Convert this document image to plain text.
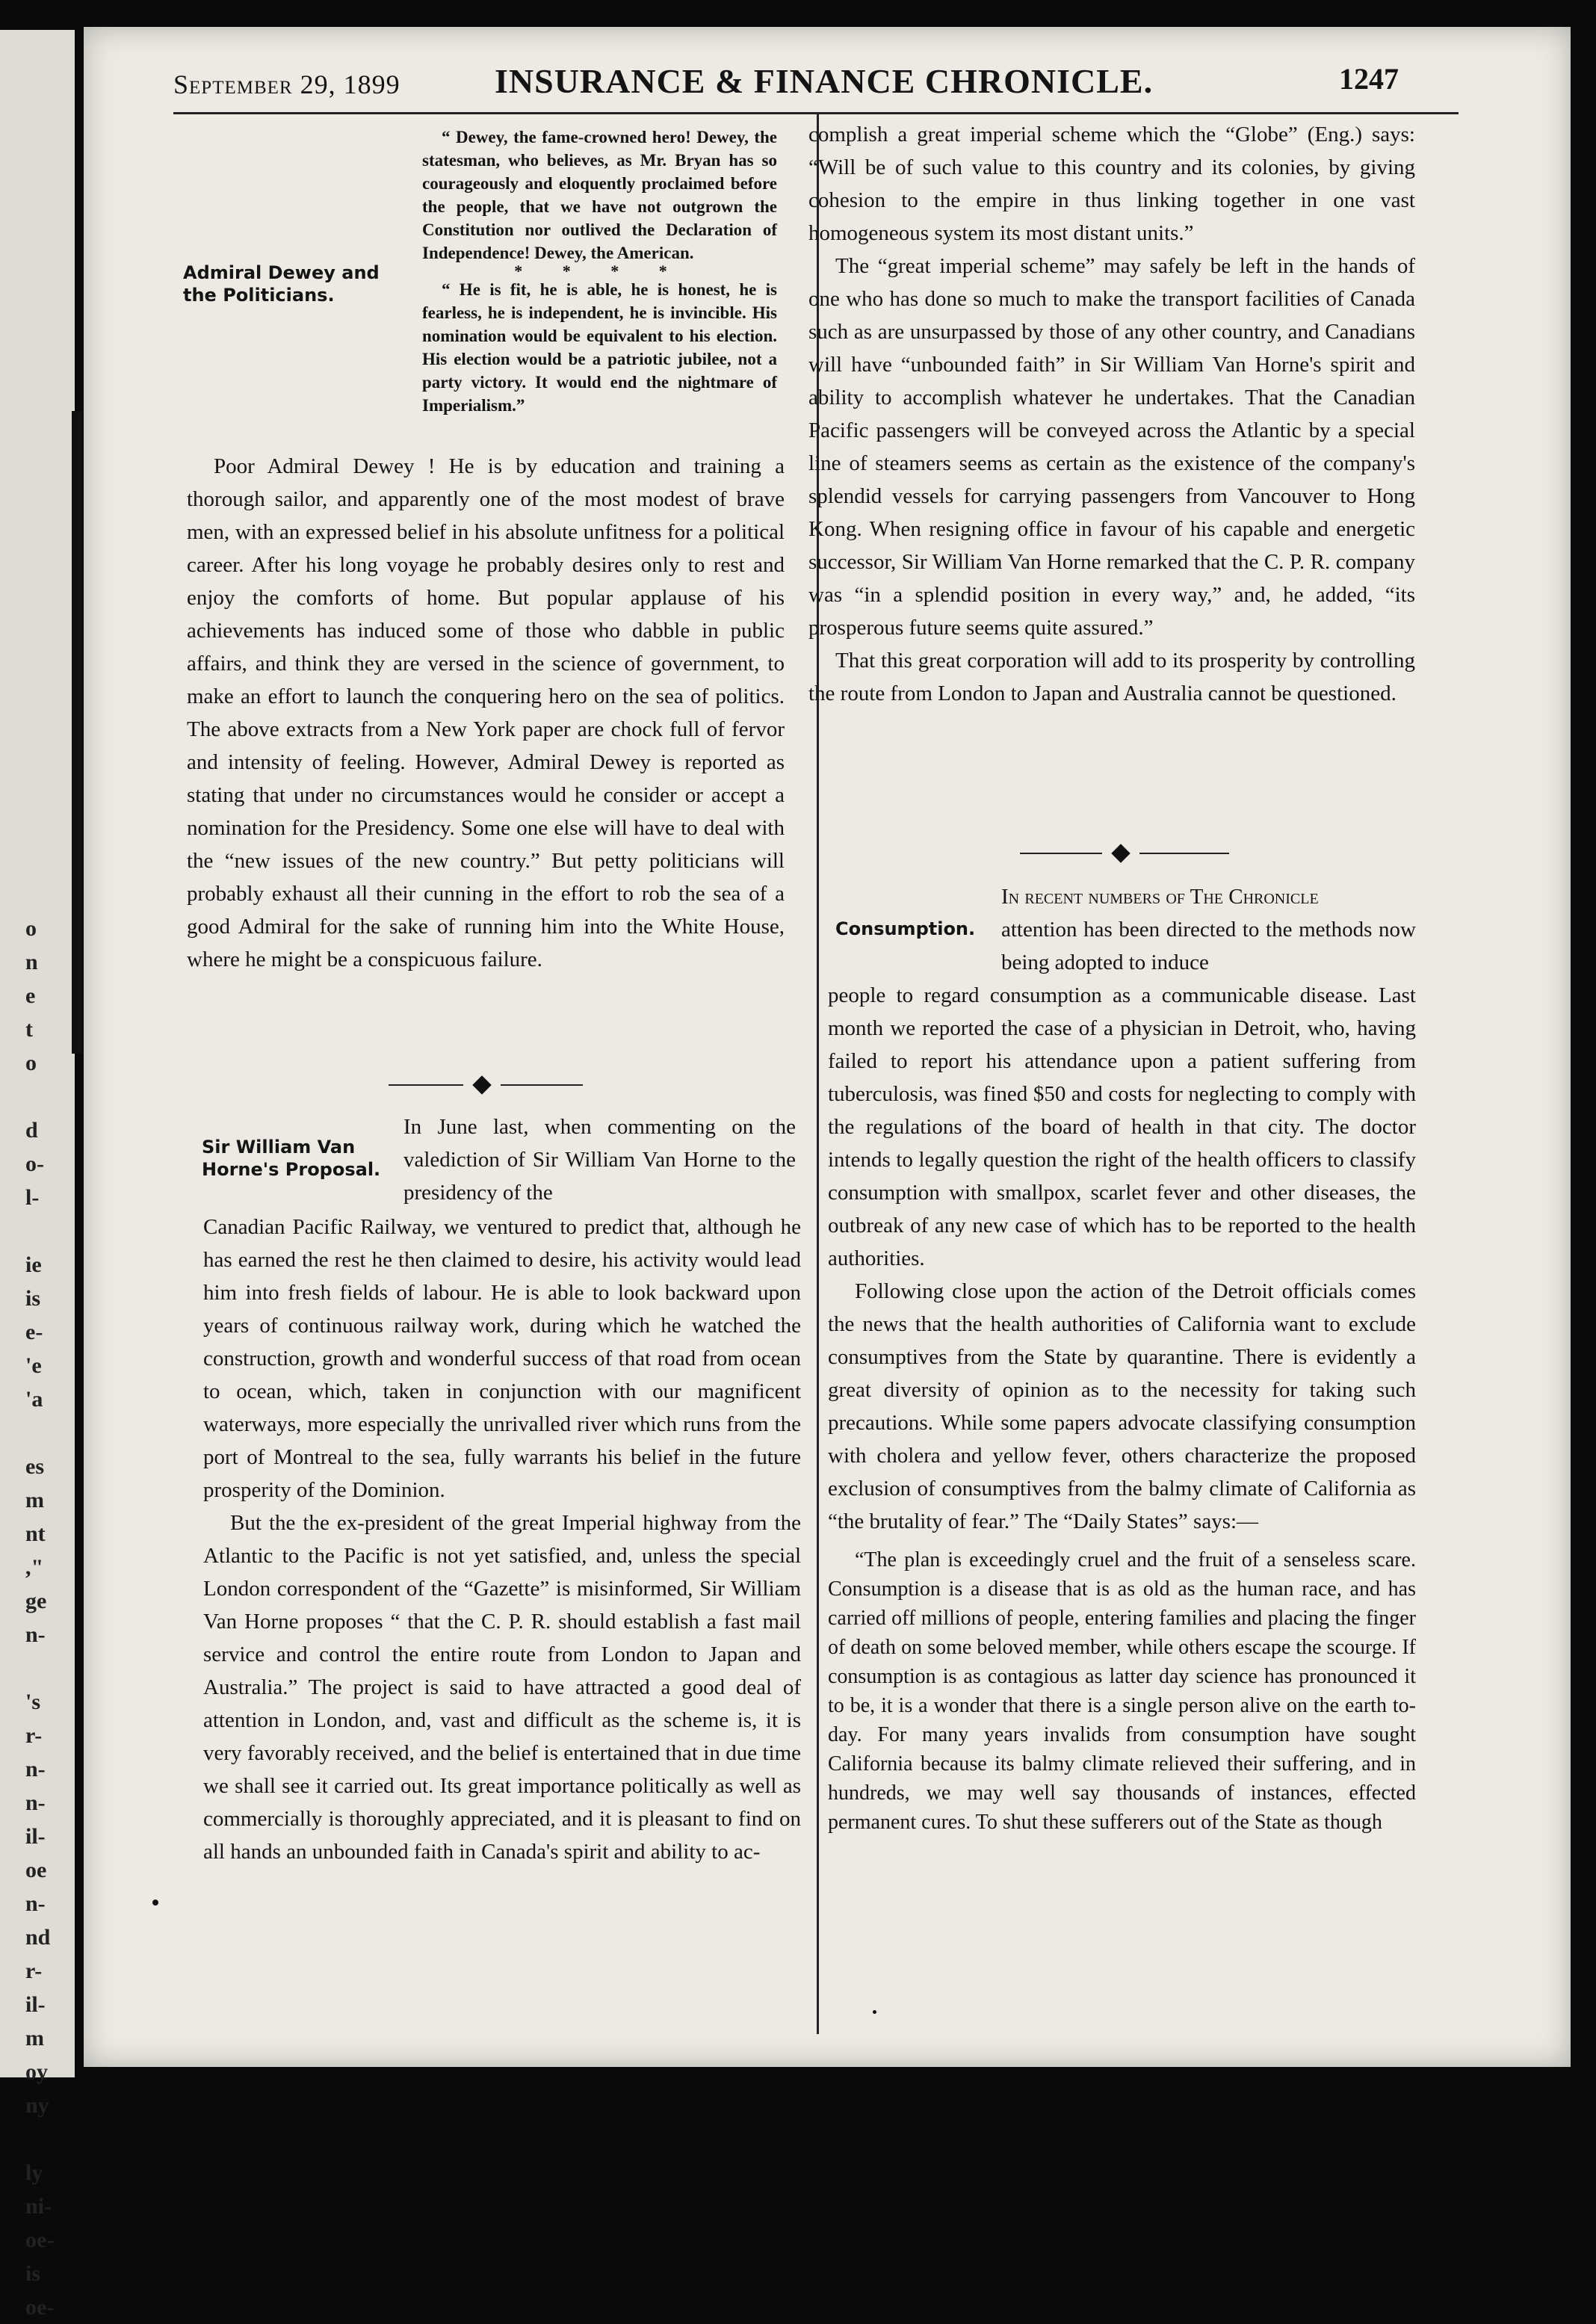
o
n
e
t
o
d
o-
l-
ie
is
e-
'e
'a
es
m
nt
,"
ge
n-
's
r-
n-
n-
il-
oe
n-
nd
r-
il-
m
oy
ny
ly
ni-
oe-
is
oe-
September 29, 1899	INSURANCE & FINANCE CHRONICLE.	1247
Admiral Dewey and
the Politicians.

“ Dewey, the fame-crowned hero! Dewey, the statesman, who believes, as Mr. Bryan has so courageously and eloquently proclaimed before the people, that we have not outgrown the Constitution nor outlived the Declaration of Independence! Dewey, the American.

* * * *

“ He is fit, he is able, he is honest, he is fearless, he is independent, he is invincible. His nomination would be equivalent to his election. His election would be a patriotic jubilee, not a party victory. It would end the nightmare of Imperialism.”

Poor Admiral Dewey ! He is by education and training a thorough sailor, and apparently one of the most modest of brave men, with an expressed belief in his absolute unfitness for a political career. After his long voyage he probably desires only to rest and enjoy the comforts of home. But popular applause of his achievements has induced some of those who dabble in public affairs, and think they are versed in the science of government, to make an effort to launch the conquering hero on the sea of politics. The above extracts from a New York paper are chock full of fervor and intensity of feeling. However, Admiral Dewey is reported as stating that under no circumstances would he consider or accept a nomination for the Presidency. Some one else will have to deal with the “new issues of the new country.” But petty politicians will probably exhaust all their cunning in the effort to rob the sea of a good Admiral for the sake of running him into the White House, where he might be a conspicuous failure.

Sir William Van
Horne's Proposal.

In June last, when commenting on the valediction of Sir William Van Horne to the presidency of the

Canadian Pacific Railway, we ventured to predict that, although he has earned the rest he then claimed to desire, his activity would lead him into fresh fields of labour. He is able to look backward upon years of continuous railway work, during which he watched the construction, growth and wonderful success of that road from ocean to ocean, which, taken in conjunction with our magnificent waterways, more especially the unrivalled river which runs from the port of Montreal to the sea, fully warrants his belief in the future prosperity of the Dominion.

But the the ex-president of the great Imperial highway from the Atlantic to the Pacific is not yet satisfied, and, unless the special London correspondent of the “Gazette” is misinformed, Sir William Van Horne proposes “ that the C. P. R. should establish a fast mail service and control the entire route from London to Japan and Australia.” The project is said to have attracted a good deal of attention in London, and, vast and difficult as the scheme is, it is very favorably received, and the belief is entertained that in due time we shall see it carried out. Its great importance politically as well as commercially is thoroughly appreciated, and it is pleasant to find on all hands an unbounded faith in Canada's spirit and ability to ac-

complish a great imperial scheme which the “Globe” (Eng.) says: “Will be of such value to this country and its colonies, by giving cohesion to the empire in thus linking together in one vast homogeneous system its most distant units.”

The “great imperial scheme” may safely be left in the hands of one who has done so much to make the transport facilities of Canada such as are unsurpassed by those of any other country, and Canadians will have “unbounded faith” in Sir William Van Horne's spirit and ability to accomplish whatever he undertakes. That the Canadian Pacific passengers will be conveyed across the Atlantic by a special line of steamers seems as certain as the existence of the company's splendid vessels for carrying passengers from Vancouver to Hong Kong. When resigning office in favour of his capable and energetic successor, Sir William Van Horne remarked that the C. P. R. company was “in a splendid position in every way,” and, he added, “its prosperous future seems quite assured.”

That this great corporation will add to its prosperity by controlling the route from London to Japan and Australia cannot be questioned.

Consumption.

In recent numbers of The Chronicle

attention has been directed to the methods now being adopted to induce

people to regard consumption as a communicable disease. Last month we reported the case of a physician in Detroit, who, having failed to report his attendance upon a patient suffering from tuberculosis, was fined $50 and costs for neglecting to comply with the regulations of the board of health in that city. The doctor intends to legally question the right of the health officers to classify consumption with smallpox, scarlet fever and other diseases, the outbreak of any new case of which has to be reported to the health authorities.

Following close upon the action of the Detroit officials comes the news that the health authorities of California want to exclude consumptives from the State by quarantine. There is evidently a great diversity of opinion as to the necessity for taking such precautions. While some papers advocate classifying consumption with cholera and yellow fever, others characterize the proposed exclusion of consumptives from the balmy climate of California as “the brutality of fear.” The “Daily States” says:—

“The plan is exceedingly cruel and the fruit of a senseless scare. Consumption is a disease that is as old as the human race, and has carried off millions of people, entering families and placing the finger of death on some beloved member, while others escape the scourge. If consumption is as contagious as latter day science has pronounced it to be, it is a wonder that there is a single person alive on the earth to-day. For many years invalids from consumption have sought California because its balmy climate relieved their suffering, and in hundreds, we may well say thousands of instances, effected permanent cures. To shut these sufferers out of the State as though
